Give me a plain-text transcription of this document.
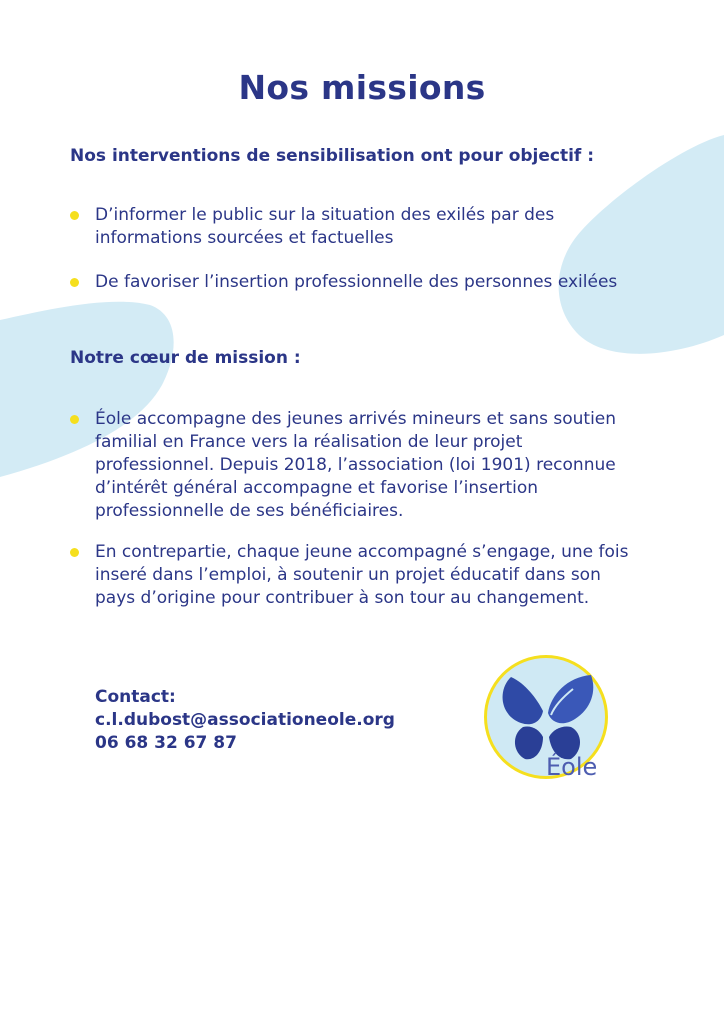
Nos missions
Nos interventions de sensibilisation ont pour objectif :
D’informer le public sur la situation des exilés par des informations sourcées et factuelles
De favoriser l’insertion professionnelle des personnes exilées
Notre cœur de mission :
Éole accompagne des jeunes arrivés mineurs et sans soutien familial en France vers la réalisation de leur projet professionnel. Depuis 2018, l’association (loi 1901) reconnue d’intérêt général accompagne et favorise l’insertion professionnelle de ses bénéficiaires.
En contrepartie, chaque jeune accompagné s’engage, une fois inseré dans l’emploi, à soutenir un projet éducatif dans son pays d’origine pour contribuer à son tour au changement.
Contact:
c.l.dubost@associationeole.org
06 68 32 67 87
Éole
